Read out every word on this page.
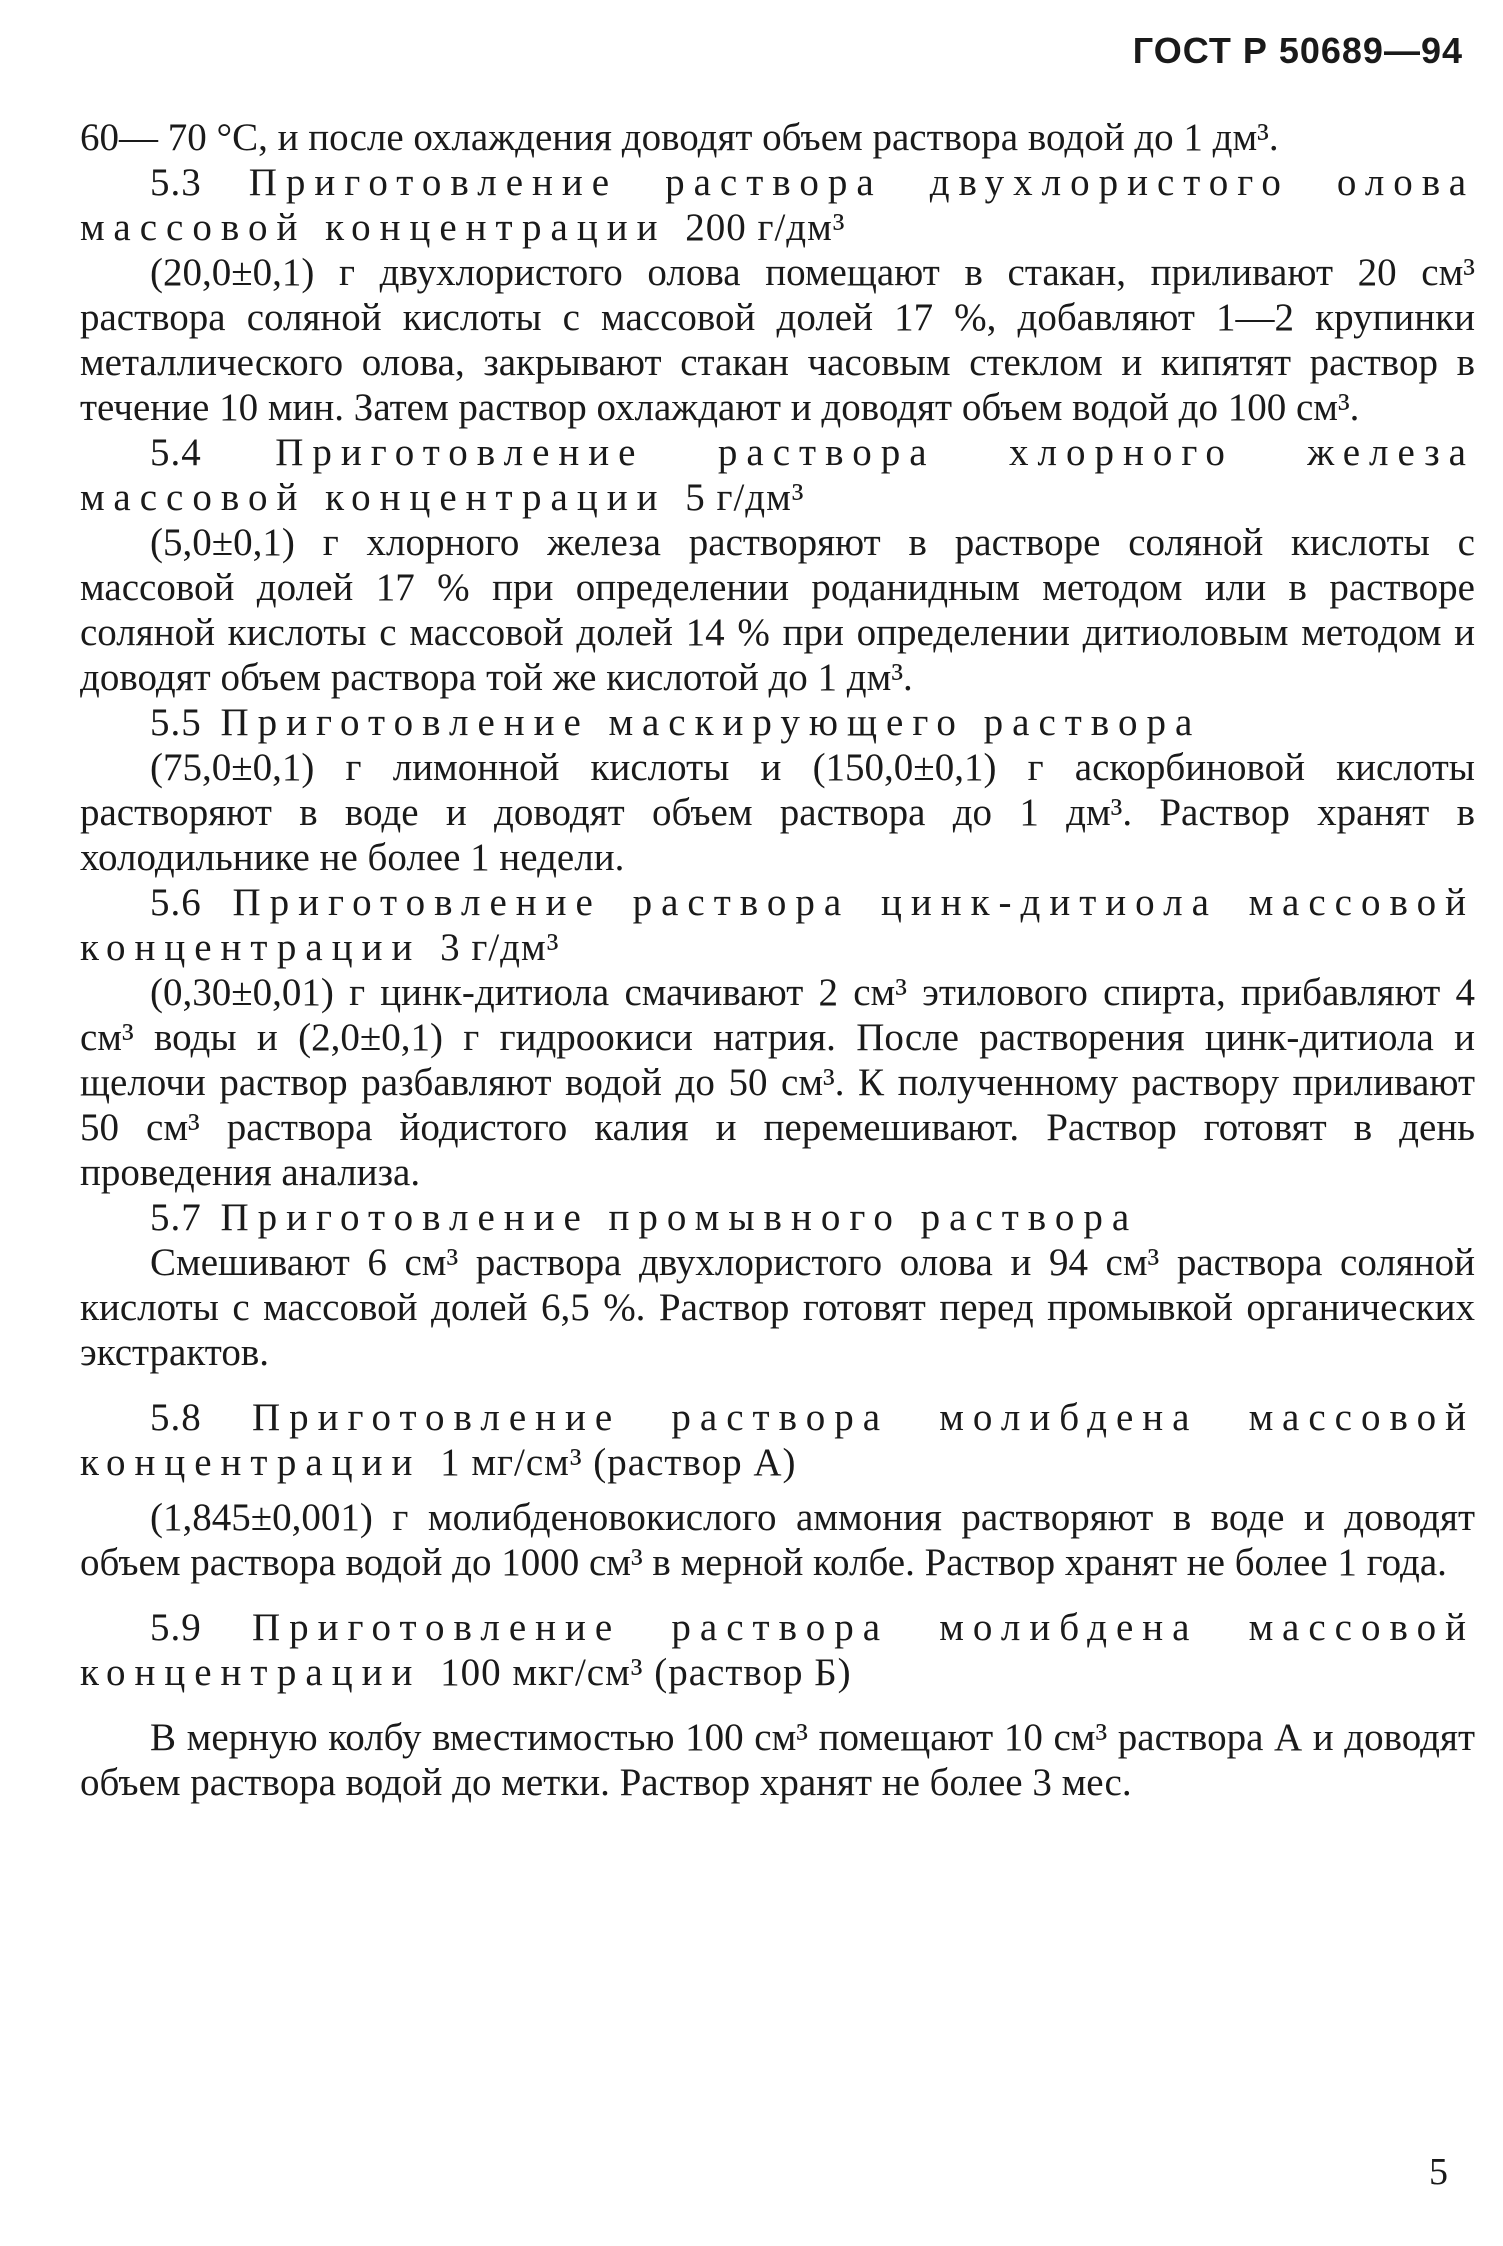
ГОСТ Р 50689—94

60— 70 °С, и после охлаждения доводят объем раствора водой до 1 дм³.

5.3 Приготовление раствора двухлористого олова массовой концентрации 200 г/дм³

(20,0±0,1) г двухлористого олова помещают в стакан, приливают 20 см³ раствора соляной кислоты с массовой долей 17 %, добавляют 1—2 крупинки металлического олова, закрывают стакан часовым стеклом и кипятят раствор в течение 10 мин. Затем раствор охлаждают и доводят объем водой до 100 см³.

5.4 Приготовление раствора хлорного железа массовой концентрации 5 г/дм³

(5,0±0,1) г хлорного железа растворяют в растворе соляной кислоты с массовой долей 17 % при определении роданидным методом или в растворе соляной кислоты с массовой долей 14 % при определении дитиоловым методом и доводят объем раствора той же кислотой до 1 дм³.

5.5 Приготовление маскирующего раствора

(75,0±0,1) г лимонной кислоты и (150,0±0,1) г аскорбиновой кислоты растворяют в воде и доводят объем раствора до 1 дм³. Раствор хранят в холодильнике не более 1 недели.

5.6 Приготовление раствора цинк-дитиола массовой концентрации 3 г/дм³

(0,30±0,01) г цинк-дитиола смачивают 2 см³ этилового спирта, прибавляют 4 см³ воды и (2,0±0,1) г гидроокиси натрия. После растворения цинк-дитиола и щелочи раствор разбавляют водой до 50 см³. К полученному раствору приливают 50 см³ раствора йодистого калия и перемешивают. Раствор готовят в день проведения анализа.

5.7 Приготовление промывного раствора

Смешивают 6 см³ раствора двухлористого олова и 94 см³ раствора соляной кислоты с массовой долей 6,5 %. Раствор готовят перед промывкой органических экстрактов.

5.8 Приготовление раствора молибдена массовой концентрации 1 мг/см³ (раствор А)

(1,845±0,001) г молибденовокислого аммония растворяют в воде и доводят объем раствора водой до 1000 см³ в мерной колбе. Раствор хранят не более 1 года.

5.9 Приготовление раствора молибдена массовой концентрации 100 мкг/см³ (раствор Б)

В мерную колбу вместимостью 100 см³ помещают 10 см³ раствора А и доводят объем раствора водой до метки. Раствор хранят не более 3 мес.

5
